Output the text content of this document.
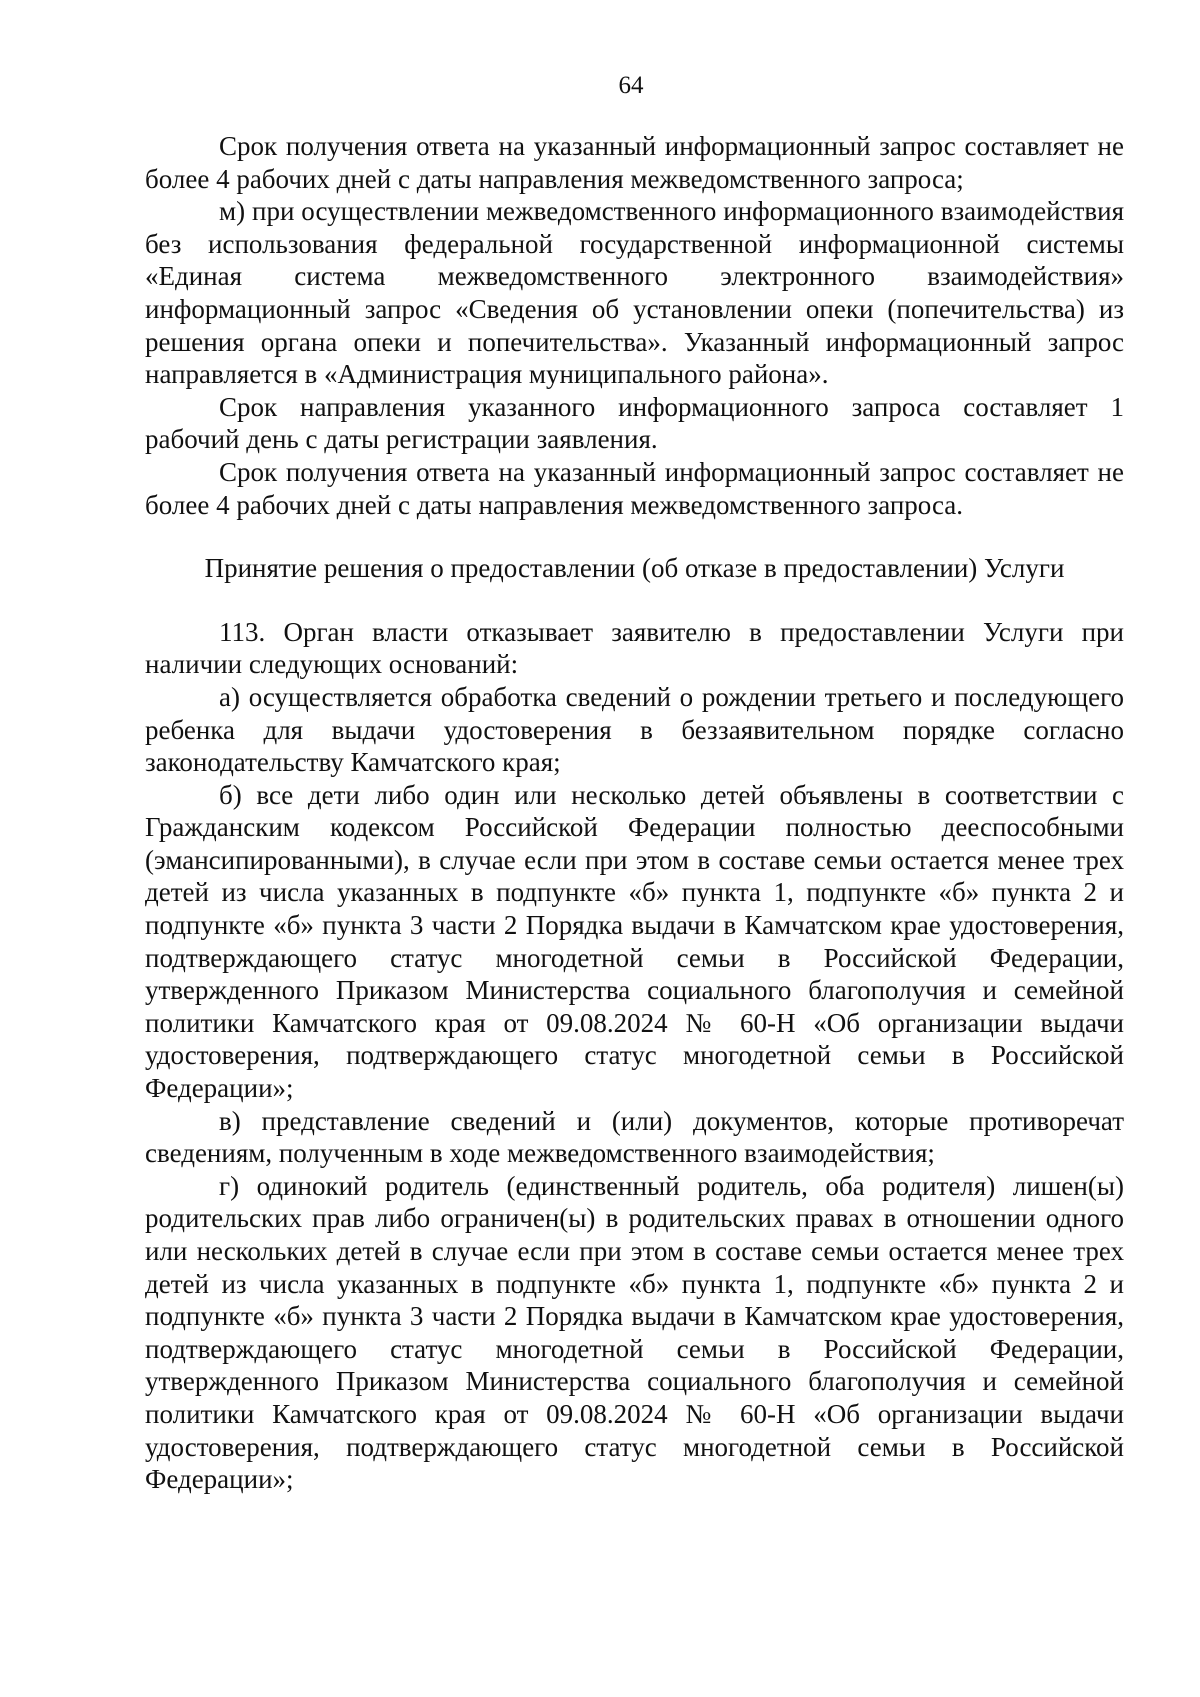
64

Срок получения ответа на указанный информационный запрос составляет не более 4 рабочих дней с даты направления межведомственного запроса;

м) при осуществлении межведомственного информационного взаимодействия без использования федеральной государственной информационной системы «Единая система межведомственного электронного взаимодействия» информационный запрос «Сведения об установлении опеки (попечительства) из решения органа опеки и попечительства». Указанный информационный запрос направляется в «Администрация муниципального района».

Срок направления указанного информационного запроса составляет 1 рабочий день с даты регистрации заявления.

Срок получения ответа на указанный информационный запрос составляет не более 4 рабочих дней с даты направления межведомственного запроса.

Принятие решения о предоставлении (об отказе в предоставлении) Услуги

113. Орган власти отказывает заявителю в предоставлении Услуги при наличии следующих оснований:

а) осуществляется обработка сведений о рождении третьего и последующего ребенка для выдачи удостоверения в беззаявительном порядке согласно законодательству Камчатского края;

б) все дети либо один или несколько детей объявлены в соответствии с Гражданским кодексом Российской Федерации полностью дееспособными (эмансипированными), в случае если при этом в составе семьи остается менее трех детей из числа указанных в подпункте «б» пункта 1, подпункте «б» пункта 2 и подпункте «б» пункта 3 части 2 Порядка выдачи в Камчатском крае удостоверения, подтверждающего статус многодетной семьи в Российской Федерации, утвержденного Приказом Министерства социального благополучия и семейной политики Камчатского края от 09.08.2024 № 60-Н «Об организации выдачи удостоверения, подтверждающего статус многодетной семьи в Российской Федерации»;

в) представление сведений и (или) документов, которые противоречат сведениям, полученным в ходе межведомственного взаимодействия;

г) одинокий родитель (единственный родитель, оба родителя) лишен(ы) родительских прав либо ограничен(ы) в родительских правах в отношении одного или нескольких детей в случае если при этом в составе семьи остается менее трех детей из числа указанных в подпункте «б» пункта 1, подпункте «б» пункта 2 и подпункте «б» пункта 3 части 2 Порядка выдачи в Камчатском крае удостоверения, подтверждающего статус многодетной семьи в Российской Федерации, утвержденного Приказом Министерства социального благополучия и семейной политики Камчатского края от 09.08.2024 № 60-Н «Об организации выдачи удостоверения, подтверждающего статус многодетной семьи в Российской Федерации»;
